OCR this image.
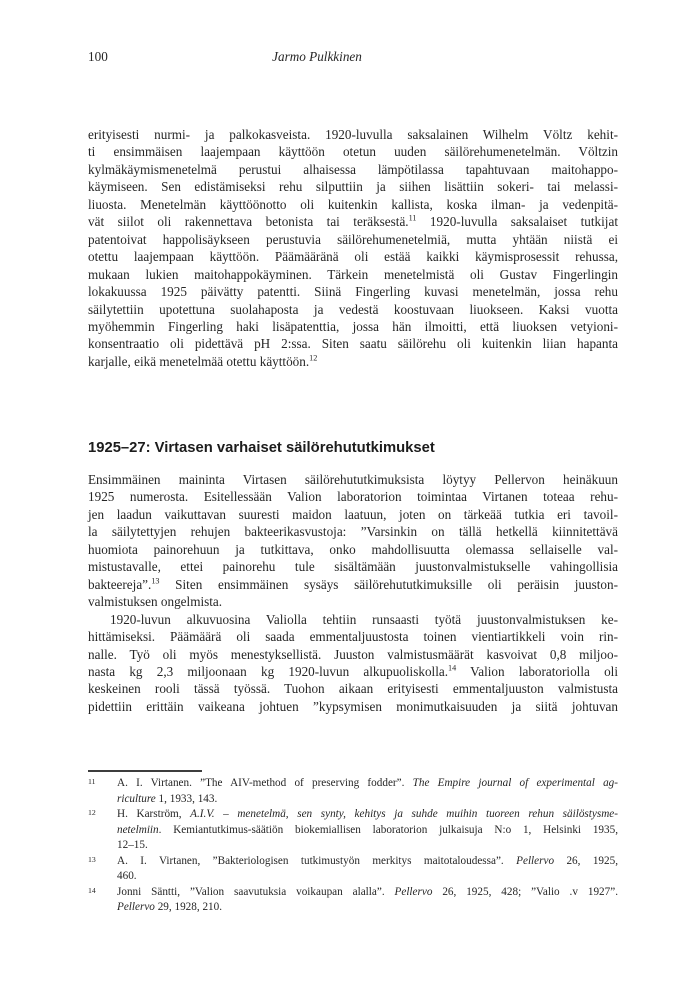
100	Jarmo Pulkkinen
erityisesti nurmi- ja palkokasveista. 1920-luvulla saksalainen Wilhelm Völtz kehit-
ti ensimmäisen laajempaan käyttöön otetun uuden säilörehumenetelmän. Völtzin
kylmäkäymismenetelmä perustui alhaisessa lämpötilassa tapahtuvaan maitohappo-
käymiseen. Sen edistämiseksi rehu silputtiin ja siihen lisättiin sokeri- tai melassi-
liuosta. Menetelmän käyttöönotto oli kuitenkin kallista, koska ilman- ja vedenpitä-
vät siilot oli rakennettava betonista tai teräksestä.$^{11}$ 1920-luvulla saksalaiset tutkijat
patentoivat happolisäykseen perustuvia säilörehumenetelmiä, mutta yhtään niistä ei
otettu laajempaan käyttöön. Päämääränä oli estää kaikki käymisprosessit rehussa,
mukaan lukien maitohappokäyminen. Tärkein menetelmistä oli Gustav Fingerlingin
lokakuussa 1925 päivätty patentti. Siinä Fingerling kuvasi menetelmän, jossa rehu
säilytettiin upotettuna suolahaposta ja vedestä koostuvaan liuokseen. Kaksi vuotta
myöhemmin Fingerling haki lisäpatenttia, jossa hän ilmoitti, että liuoksen vetyioni-
konsentraatio oli pidettävä pH 2:ssa. Siten saatu säilörehu oli kuitenkin liian hapanta
karjalle, eikä menetelmää otettu käyttöön.$^{12}$
1925–27: Virtasen varhaiset säilörehututkimukset
Ensimmäinen maininta Virtasen säilörehututkimuksista löytyy Pellervon heinäkuun
1925 numerosta. Esitellessään Valion laboratorion toimintaa Virtanen toteaa rehu-
jen laadun vaikuttavan suuresti maidon laatuun, joten on tärkeää tutkia eri tavoil-
la säilytettyjen rehujen bakteerikasvustoja: ”Varsinkin on tällä hetkellä kiinnitettävä
huomiota painorehuun ja tutkittava, onko mahdollisuutta olemassa sellaiselle val-
mistustavalle, ettei painorehu tule sisältämään juustonvalmistukselle vahingollisia
bakteereja”.$^{13}$ Siten ensimmäinen sysäys säilörehututkimuksille oli peräisin juuston-
valmistuksen ongelmista.
1920-luvun alkuvuosina Valiolla tehtiin runsaasti työtä juustonvalmistuksen ke-
hittämiseksi. Päämäärä oli saada emmentaljuustosta toinen vientiartikkeli voin rin-
nalle. Työ oli myös menestyksellistä. Juuston valmistusmäärät kasvoivat 0,8 miljoo-
nasta kg 2,3 miljoonaan kg 1920-luvun alkupuoliskolla.$^{14}$ Valion laboratoriolla oli
keskeinen rooli tässä työssä. Tuohon aikaan erityisesti emmentaljuuston valmistusta
pidettiin erittäin vaikeana johtuen ”kypsymisen monimutkaisuuden ja siitä johtuvan
11	A. I. Virtanen. ”The AIV-method of preserving fodder”. The Empire journal of experimental ag-
riculture 1, 1933, 143.
12	H. Karström, A.I.V. – menetelmä, sen synty, kehitys ja suhde muihin tuoreen rehun säilöstysme-
netelmiin. Kemiantutkimus-säätiön biokemiallisen laboratorion julkaisuja N:o 1, Helsinki 1935,
12–15.
13	A. I. Virtanen, ”Bakteriologisen tutkimustyön merkitys maitotaloudessa”. Pellervo 26, 1925,
460.
14	Jonni Säntti, ”Valion saavutuksia voikaupan alalla”. Pellervo 26, 1925, 428; ”Valio .v 1927”.
Pellervo 29, 1928, 210.
